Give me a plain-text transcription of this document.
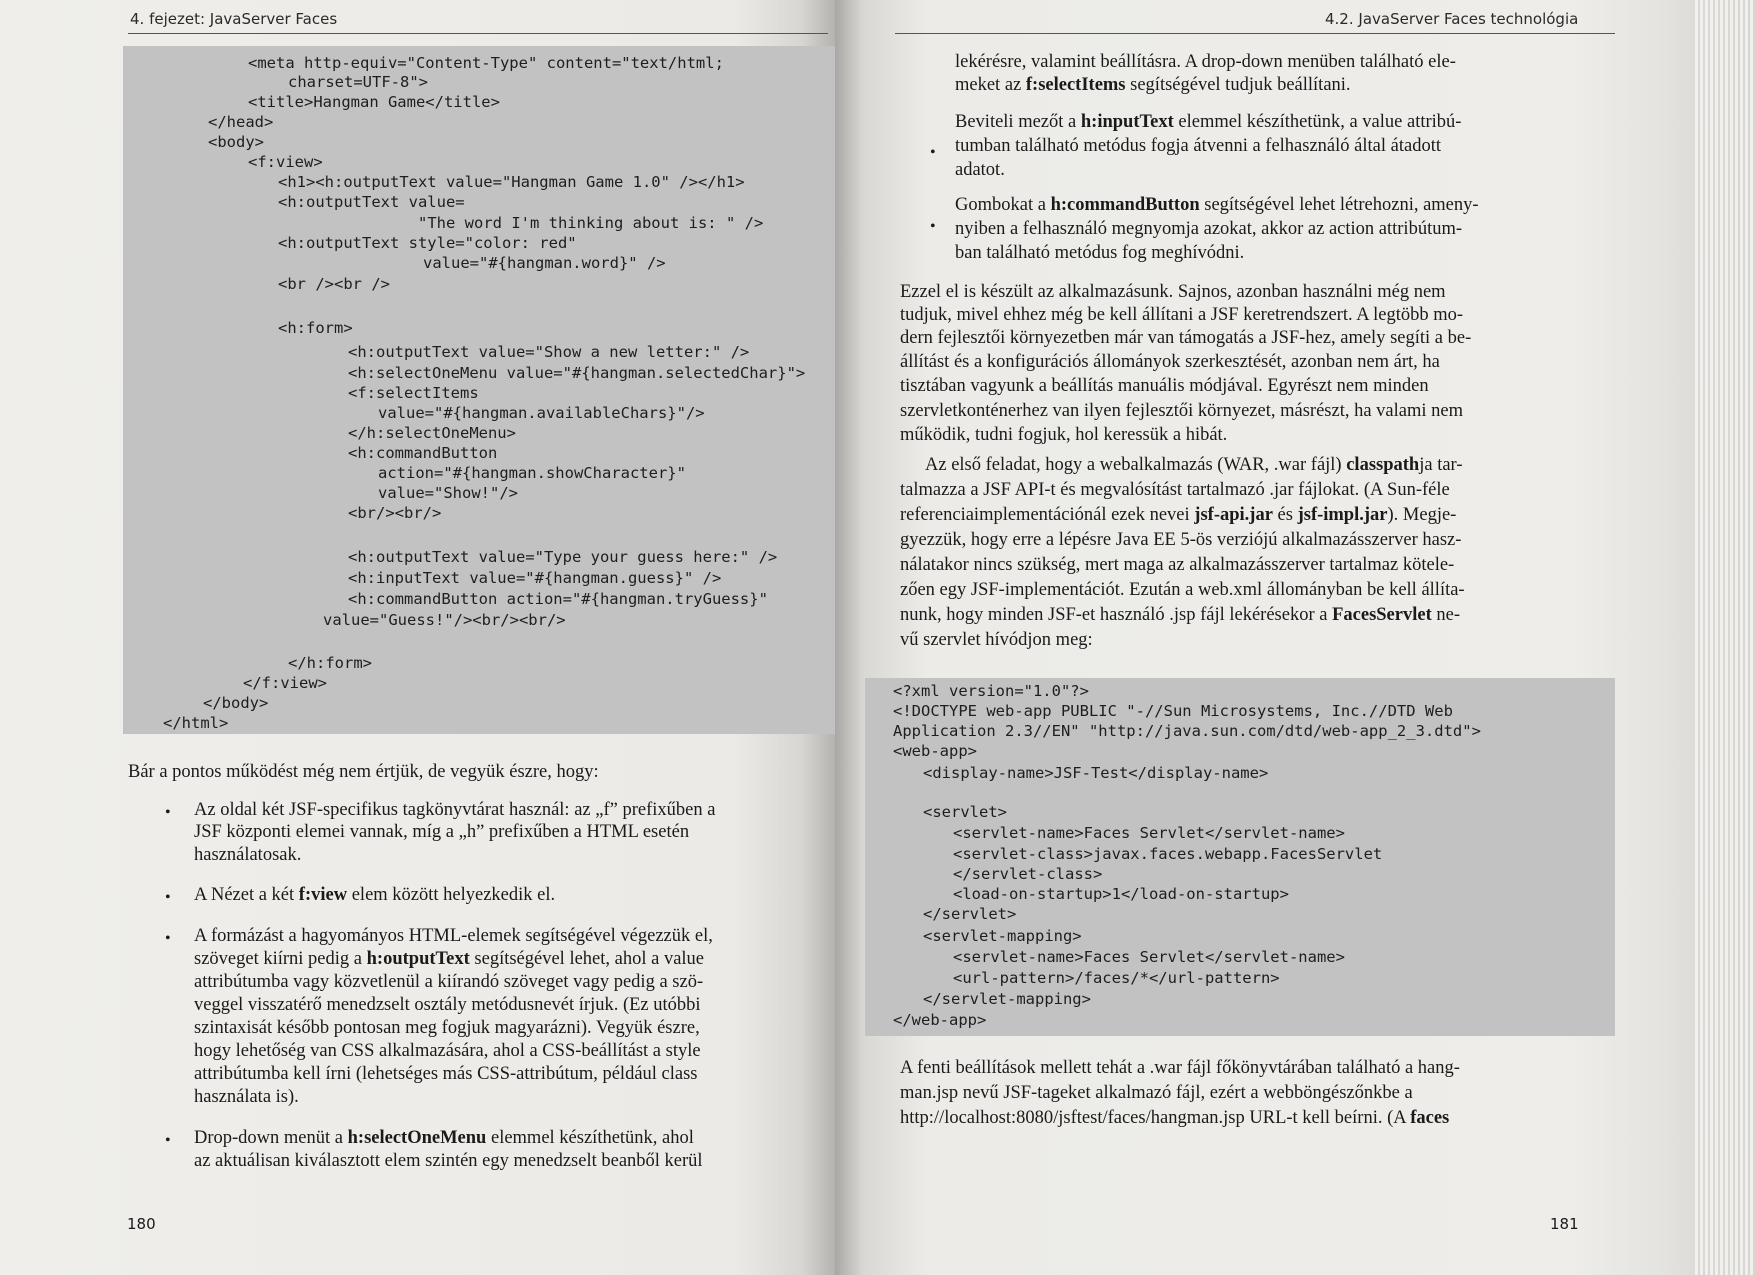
4. fejezet: JavaServer Faces
<meta http-equiv="Content-Type" content="text/html;
charset=UTF-8">
<title>Hangman Game</title>
</head>
<body>
<f:view>
<h1><h:outputText value="Hangman Game 1.0" /></h1>
<h:outputText value=
"The word I'm thinking about is: " />
<h:outputText style="color: red"
value="#{hangman.word}" />
<br /><br />
<h:form>
<h:outputText value="Show a new letter:" />
<h:selectOneMenu value="#{hangman.selectedChar}">
<f:selectItems
value="#{hangman.availableChars}"/>
</h:selectOneMenu>
<h:commandButton
action="#{hangman.showCharacter}"
value="Show!"/>
<br/><br/>
<h:outputText value="Type your guess here:" />
<h:inputText value="#{hangman.guess}" />
<h:commandButton action="#{hangman.tryGuess}"
value="Guess!"/><br/><br/>
</h:form>
</f:view>
</body>
</html>
Bár a pontos működést még nem értjük, de vegyük észre, hogy:
• Az oldal két JSF-specifikus tagkönyvtárat használ: az „f” prefixűben a
JSF központi elemei vannak, míg a „h” prefixűben a HTML esetén
használatosak.
• A Nézet a két f:view elem között helyezkedik el.
• A formázást a hagyományos HTML-elemek segítségével végezzük el,
szöveget kiírni pedig a h:outputText segítségével lehet, ahol a value
attribútumba vagy közvetlenül a kiírandó szöveget vagy pedig a szö-
veggel visszatérő menedzselt osztály metódusnevét írjuk. (Ez utóbbi
szintaxisát később pontosan meg fogjuk magyarázni). Vegyük észre,
hogy lehetőség van CSS alkalmazására, ahol a CSS-beállítást a style
attribútumba kell írni (lehetséges más CSS-attribútum, például class
használata is).
• Drop-down menüt a h:selectOneMenu elemmel készíthetünk, ahol
az aktuálisan kiválasztott elem szintén egy menedzselt beanből kerül
180
4.2. JavaServer Faces technológia
lekérésre, valamint beállításra. A drop-down menüben található ele-
meket az f:selectItems segítségével tudjuk beállítani.
•
Beviteli mezőt a h:inputText elemmel készíthetünk, a value attribú-
tumban található metódus fogja átvenni a felhasználó által átadott
adatot.
•
Gombokat a h:commandButton segítségével lehet létrehozni, ameny-
nyiben a felhasználó megnyomja azokat, akkor az action attribútum-
ban található metódus fog meghívódni.
Ezzel el is készült az alkalmazásunk. Sajnos, azonban használni még nem
tudjuk, mivel ehhez még be kell állítani a JSF keretrendszert. A legtöbb mo-
dern fejlesztői környezetben már van támogatás a JSF-hez, amely segíti a be-
állítást és a konfigurációs állományok szerkesztését, azonban nem árt, ha
tisztában vagyunk a beállítás manuális módjával. Egyrészt nem minden
szervletkonténerhez van ilyen fejlesztői környezet, másrészt, ha valami nem
működik, tudni fogjuk, hol keressük a hibát.
Az első feladat, hogy a webalkalmazás (WAR, .war fájl) classpathja tar-
talmazza a JSF API-t és megvalósítást tartalmazó .jar fájlokat. (A Sun-féle
referenciaimplementációnál ezek nevei jsf-api.jar és jsf-impl.jar). Megje-
gyezzük, hogy erre a lépésre Java EE 5-ös verziójú alkalmazásszerver hasz-
nálatakor nincs szükség, mert maga az alkalmazásszerver tartalmaz kötele-
zően egy JSF-implementációt. Ezután a web.xml állományban be kell állíta-
nunk, hogy minden JSF-et használó .jsp fájl lekérésekor a FacesServlet ne-
vű szervlet hívódjon meg:
<?xml version="1.0"?>
<!DOCTYPE web-app PUBLIC "-//Sun Microsystems, Inc.//DTD Web
Application 2.3//EN" "http://java.sun.com/dtd/web-app_2_3.dtd">
<web-app>
<display-name>JSF-Test</display-name>
<servlet>
<servlet-name>Faces Servlet</servlet-name>
<servlet-class>javax.faces.webapp.FacesServlet
</servlet-class>
<load-on-startup>1</load-on-startup>
</servlet>
<servlet-mapping>
<servlet-name>Faces Servlet</servlet-name>
<url-pattern>/faces/*</url-pattern>
</servlet-mapping>
</web-app>
A fenti beállítások mellett tehát a .war fájl főkönyvtárában található a hang-
man.jsp nevű JSF-tageket alkalmazó fájl, ezért a webböngészőnkbe a
http://localhost:8080/jsftest/faces/hangman.jsp URL-t kell beírni. (A faces
181
